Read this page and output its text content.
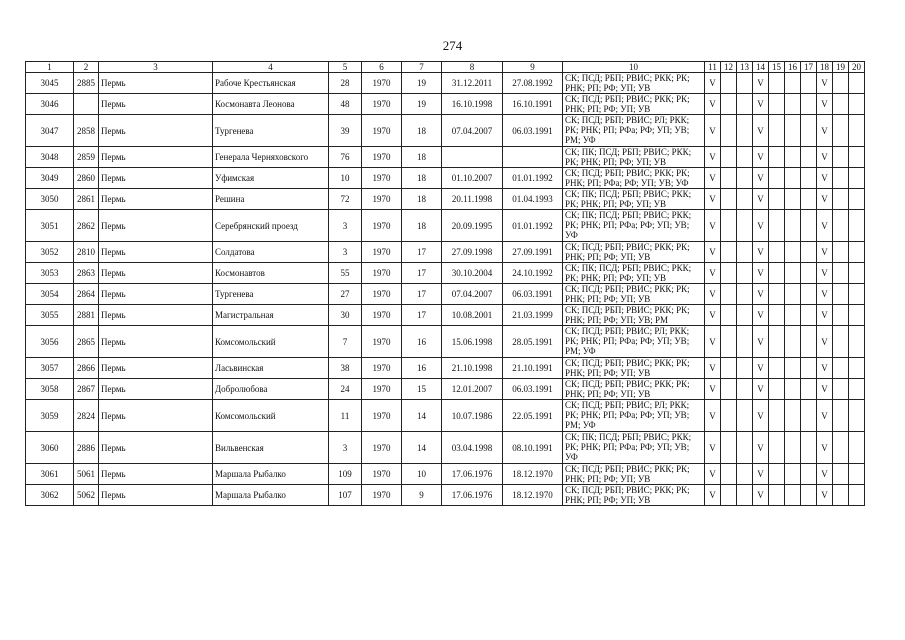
274
1	2	3	4	5	6	7	8	9	10	11	12	13	14	15	16	17	18	19	20
3045	2885	Пермь	Рабоче Крестьянская	28	1970	19	31.12.2011	27.08.1992	СК; ПСД; РБП; РВИС; РКК; РК; РНК; РП; РФ; УП; УВ	V			V				V		
3046		Пермь	Космонавта Леонова	48	1970	19	16.10.1998	16.10.1991	СК; ПСД; РБП; РВИС; РКК; РК; РНК; РП; РФ; УП; УВ	V			V				V		
3047	2858	Пермь	Тургенева	39	1970	18	07.04.2007	06.03.1991	СК; ПСД; РБП; РВИС; РЛ; РКК; РК; РНК; РП; РФа; РФ; УП; УВ; РМ; УФ	V			V				V		
3048	2859	Пермь	Генерала Черняховского	76	1970	18			СК; ПК; ПСД; РБП; РВИС; РКК; РК; РНК; РП; РФ; УП; УВ	V			V				V		
3049	2860	Пермь	Уфимская	10	1970	18	01.10.2007	01.01.1992	СК; ПСД; РБП; РВИС; РКК; РК; РНК; РП; РФа; РФ; УП; УВ; УФ	V			V				V		
3050	2861	Пермь	Решина	72	1970	18	20.11.1998	01.04.1993	СК; ПК; ПСД; РБП; РВИС; РКК; РК; РНК; РП; РФ; УП; УВ	V			V				V		
3051	2862	Пермь	Серебрянский проезд	3	1970	18	20.09.1995	01.01.1992	СК; ПК; ПСД; РБП; РВИС; РКК; РК; РНК; РП; РФа; РФ; УП; УВ; УФ	V			V				V		
3052	2810	Пермь	Солдатова	3	1970	17	27.09.1998	27.09.1991	СК; ПСД; РБП; РВИС; РКК; РК; РНК; РП; РФ; УП; УВ	V			V				V		
3053	2863	Пермь	Космонавтов	55	1970	17	30.10.2004	24.10.1992	СК; ПК; ПСД; РБП; РВИС; РКК; РК; РНК; РП; РФ; УП; УВ	V			V				V		
3054	2864	Пермь	Тургенева	27	1970	17	07.04.2007	06.03.1991	СК; ПСД; РБП; РВИС; РКК; РК; РНК; РП; РФ; УП; УВ	V			V				V		
3055	2881	Пермь	Магистральная	30	1970	17	10.08.2001	21.03.1999	СК; ПСД; РБП; РВИС; РКК; РК; РНК; РП; РФ; УП; УВ; РМ	V			V				V		
3056	2865	Пермь	Комсомольский	7	1970	16	15.06.1998	28.05.1991	СК; ПСД; РБП; РВИС; РЛ; РКК; РК; РНК; РП; РФа; РФ; УП; УВ; РМ; УФ	V			V				V		
3057	2866	Пермь	Ласьвинская	38	1970	16	21.10.1998	21.10.1991	СК; ПСД; РБП; РВИС; РКК; РК; РНК; РП; РФ; УП; УВ	V			V				V		
3058	2867	Пермь	Добролюбова	24	1970	15	12.01.2007	06.03.1991	СК; ПСД; РБП; РВИС; РКК; РК; РНК; РП; РФ; УП; УВ	V			V				V		
3059	2824	Пермь	Комсомольский	11	1970	14	10.07.1986	22.05.1991	СК; ПСД; РБП; РВИС; РЛ; РКК; РК; РНК; РП; РФа; РФ; УП; УВ; РМ; УФ	V			V				V		
3060	2886	Пермь	Вильвенская	3	1970	14	03.04.1998	08.10.1991	СК; ПК; ПСД; РБП; РВИС; РКК; РК; РНК; РП; РФа; РФ; УП; УВ; УФ	V			V				V		
3061	5061	Пермь	Маршала Рыбалко	109	1970	10	17.06.1976	18.12.1970	СК; ПСД; РБП; РВИС; РКК; РК; РНК; РП; РФ; УП; УВ	V			V				V		
3062	5062	Пермь	Маршала Рыбалко	107	1970	9	17.06.1976	18.12.1970	СК; ПСД; РБП; РВИС; РКК; РК; РНК; РП; РФ; УП; УВ	V			V				V		
